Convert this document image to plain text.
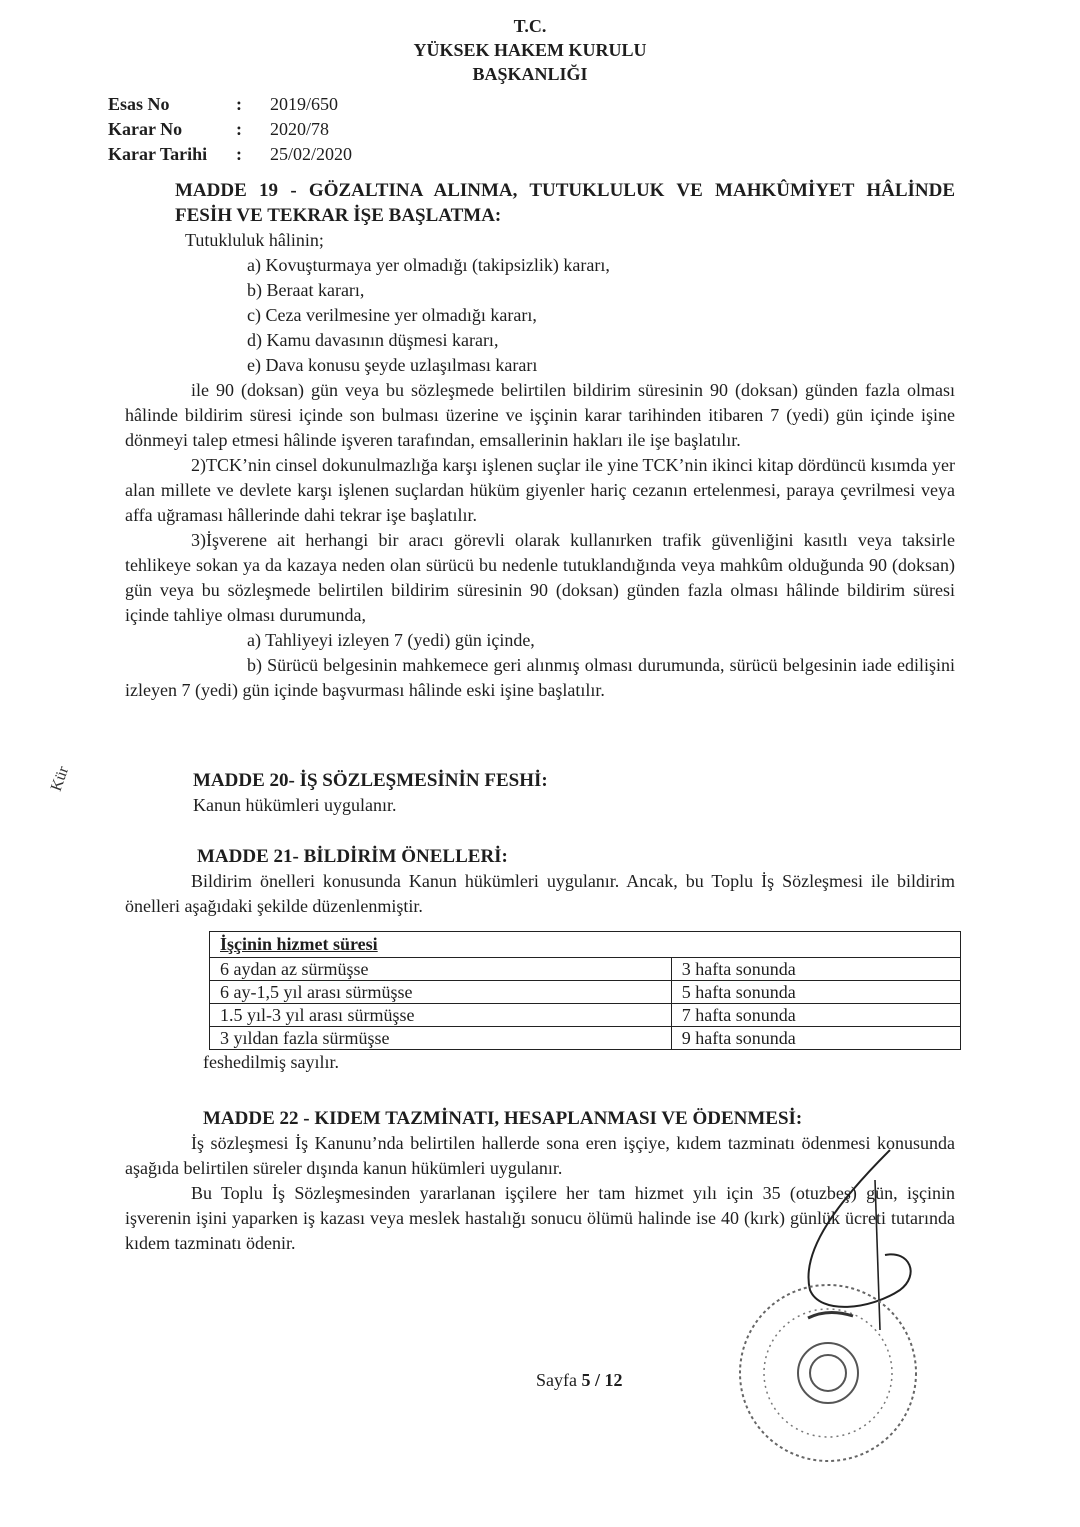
T.C.
YÜKSEK HAKEM KURULU
BAŞKANLIĞI
Esas No	:	2019/650
Karar No	:	2020/78
Karar Tarihi	:	25/02/2020
MADDE 19 - GÖZALTINA ALINMA, TUTUKLULUK VE MAHKÛMİYET HÂLİNDE FESİH VE TEKRAR İŞE BAŞLATMA:
Tutukluluk hâlinin;
a) Kovuşturmaya yer olmadığı (takipsizlik) kararı,
b) Beraat kararı,
c) Ceza verilmesine yer olmadığı kararı,
d) Kamu davasının düşmesi kararı,
e) Dava konusu şeyde uzlaşılması kararı
ile 90 (doksan) gün veya bu sözleşmede belirtilen bildirim süresinin 90 (doksan) günden fazla olması hâlinde bildirim süresi içinde son bulması üzerine ve işçinin karar tarihinden itibaren 7 (yedi) gün içinde işine dönmeyi talep etmesi hâlinde işveren tarafından, emsallerinin hakları ile işe başlatılır.
2)TCK’nin cinsel dokunulmazlığa karşı işlenen suçlar ile yine TCK’nin ikinci kitap dördüncü kısımda yer alan millete ve devlete karşı işlenen suçlardan hüküm giyenler hariç cezanın ertelenmesi, paraya çevrilmesi veya affa uğraması hâllerinde dahi tekrar işe başlatılır.
3)İşverene ait herhangi bir aracı görevli olarak kullanırken trafik güvenliğini kasıtlı veya taksirle tehlikeye sokan ya da kazaya neden olan sürücü bu nedenle tutuklandığında veya mahkûm olduğunda 90 (doksan) gün veya bu sözleşmede belirtilen bildirim süresinin 90 (doksan) günden fazla olması hâlinde bildirim süresi içinde tahliye olması durumunda,
a) Tahliyeyi izleyen 7 (yedi) gün içinde,
b) Sürücü belgesinin mahkemece geri alınmış olması durumunda, sürücü belgesinin iade edilişini izleyen 7 (yedi) gün içinde başvurması hâlinde eski işine başlatılır.
Kür	MADDE 20- İŞ SÖZLEŞMESİNİN FESHİ:
Kanun hükümleri uygulanır.
MADDE 21- BİLDİRİM ÖNELLERİ:
Bildirim önelleri konusunda Kanun hükümleri uygulanır. Ancak, bu Toplu İş Sözleşmesi ile bildirim önelleri aşağıdaki şekilde düzenlenmiştir.
İşçinin hizmet süresi	
6 aydan az sürmüşse	3 hafta sonunda
6 ay-1,5 yıl arası sürmüşse	5 hafta sonunda
1.5 yıl-3 yıl arası sürmüşse	7 hafta sonunda
3 yıldan fazla sürmüşse	9 hafta sonunda
feshedilmiş sayılır.
MADDE 22 - KIDEM TAZMİNATI, HESAPLANMASI VE ÖDENMESİ:
İş sözleşmesi İş Kanunu’nda belirtilen hallerde sona eren işçiye, kıdem tazminatı ödenmesi konusunda aşağıda belirtilen süreler dışında kanun hükümleri uygulanır.
Bu Toplu İş Sözleşmesinden yararlanan işçilere her tam hizmet yılı için 35 (otuzbeş) gün, işçinin işverenin işini yaparken iş kazası veya meslek hastalığı sonucu ölümü halinde ise 40 (kırk) günlük ücreti tutarında kıdem tazminatı ödenir.
Sayfa 5 / 12
